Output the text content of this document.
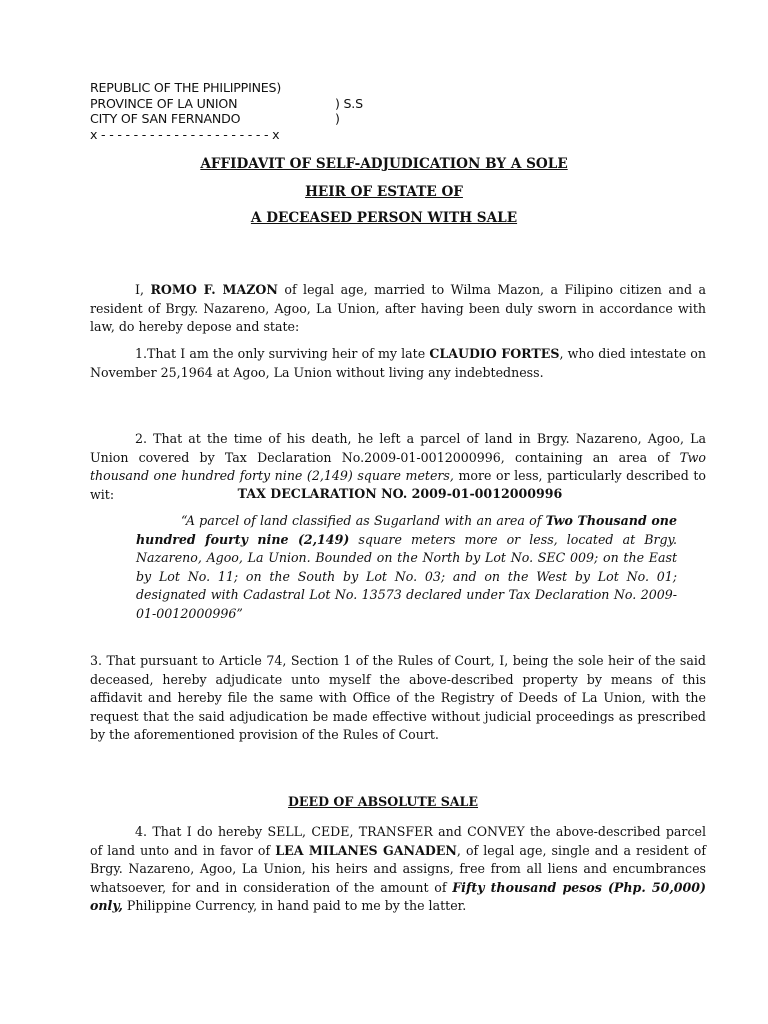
REPUBLIC OF THE PHILIPPINES)
PROVINCE OF LA UNION	) S.S
CITY OF SAN FERNANDO	)
x - - - - - - - - - - - - - - - - - - - - - x
AFFIDAVIT OF SELF-ADJUDICATION BY A SOLE
HEIR OF ESTATE OF
A DECEASED PERSON WITH SALE
I, ROMO F. MAZON of legal age, married to Wilma Mazon, a Filipino citizen and a resident of Brgy. Nazareno, Agoo, La Union, after having been duly sworn in accordance with law, do hereby depose and state:
1.That I am the only surviving heir of my late CLAUDIO FORTES, who died intestate on November 25,1964 at Agoo, La Union without living any indebtedness.
2. That at the time of his death, he left a parcel of land in Brgy. Nazareno, Agoo, La Union covered by Tax Declaration No.2009-01-0012000996, containing an area of Two thousand one hundred forty nine (2,149) square meters, more or less, particularly described to wit:	TAX DECLARATION NO. 2009-01-0012000996
“A parcel of land classified as Sugarland with an area of Two Thousand one hundred fourty nine (2,149) square meters more or less, located at Brgy. Nazareno, Agoo, La Union. Bounded on the North by Lot No. SEC 009; on the East by Lot No. 11; on the South by Lot No. 03; and on the West by Lot No. 01; designated with Cadastral Lot No. 13573 declared under Tax Declaration No. 2009-01-0012000996”
3. That pursuant to Article 74, Section 1 of the Rules of Court, I, being the sole heir of the said deceased, hereby adjudicate unto myself the above-described property by means of this affidavit and hereby file the same with Office of the Registry of Deeds of La Union, with the request that the said adjudication be made effective without judicial proceedings as prescribed by the aforementioned provision of the Rules of Court.
DEED OF ABSOLUTE SALE
4. That I do hereby SELL, CEDE, TRANSFER and CONVEY the above-described parcel of land unto and in favor of LEA MILANES GANADEN, of legal age, single and a resident of Brgy. Nazareno, Agoo, La Union, his heirs and assigns, free from all liens and encumbrances whatsoever, for and in consideration of the amount of Fifty thousand pesos (Php. 50,000) only, Philippine Currency, in hand paid to me by the latter.
